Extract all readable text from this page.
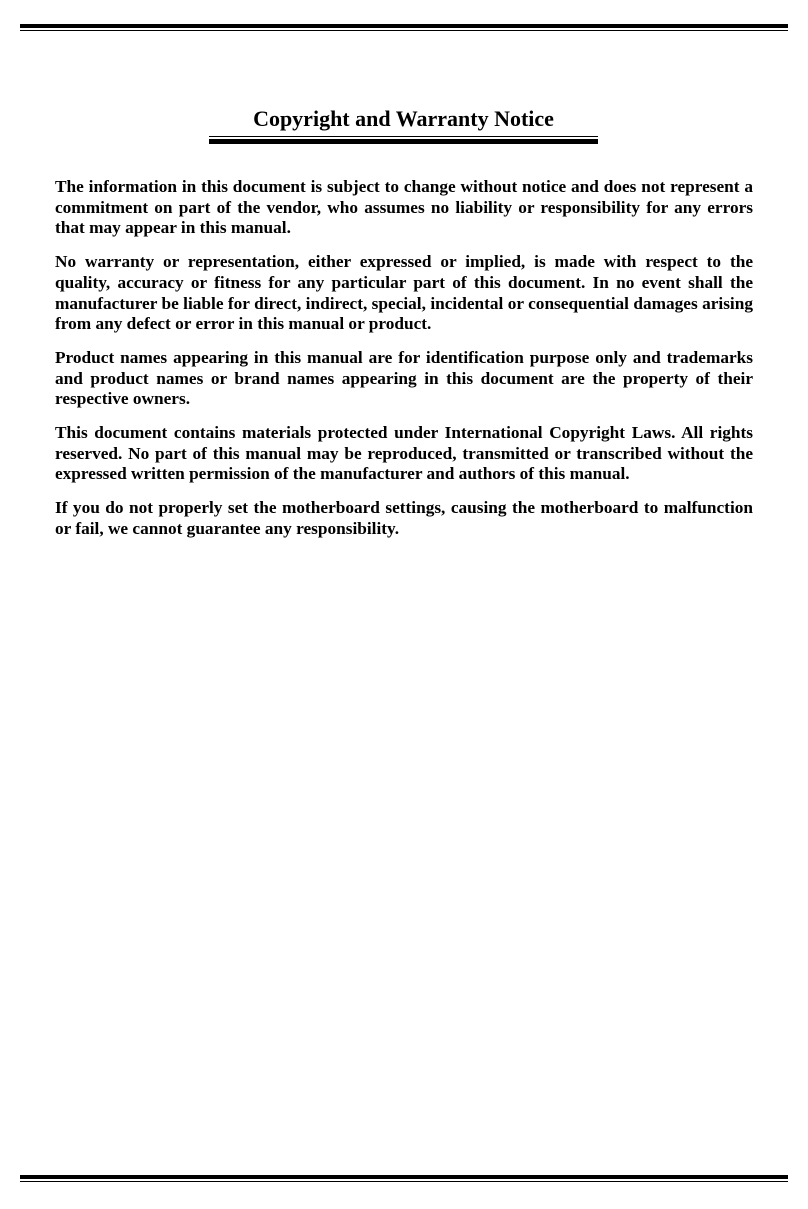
Copyright and Warranty Notice

The information in this document is subject to change without notice and does not represent a commitment on part of the vendor, who assumes no liability or responsibility for any errors that may appear in this manual.

No warranty or representation, either expressed or implied, is made with respect to the quality, accuracy or fitness for any particular part of this document. In no event shall the manufacturer be liable for direct, indirect, special, incidental or consequential damages arising from any defect or error in this manual or product.

Product names appearing in this manual are for identification purpose only and trademarks and product names or brand names appearing in this document are the property of their respective owners.

This document contains materials protected under International Copyright Laws. All rights reserved. No part of this manual may be reproduced, transmitted or transcribed without the expressed written permission of the manufacturer and authors of this manual.

If you do not properly set the motherboard settings, causing the motherboard to malfunction or fail, we cannot guarantee any responsibility.
